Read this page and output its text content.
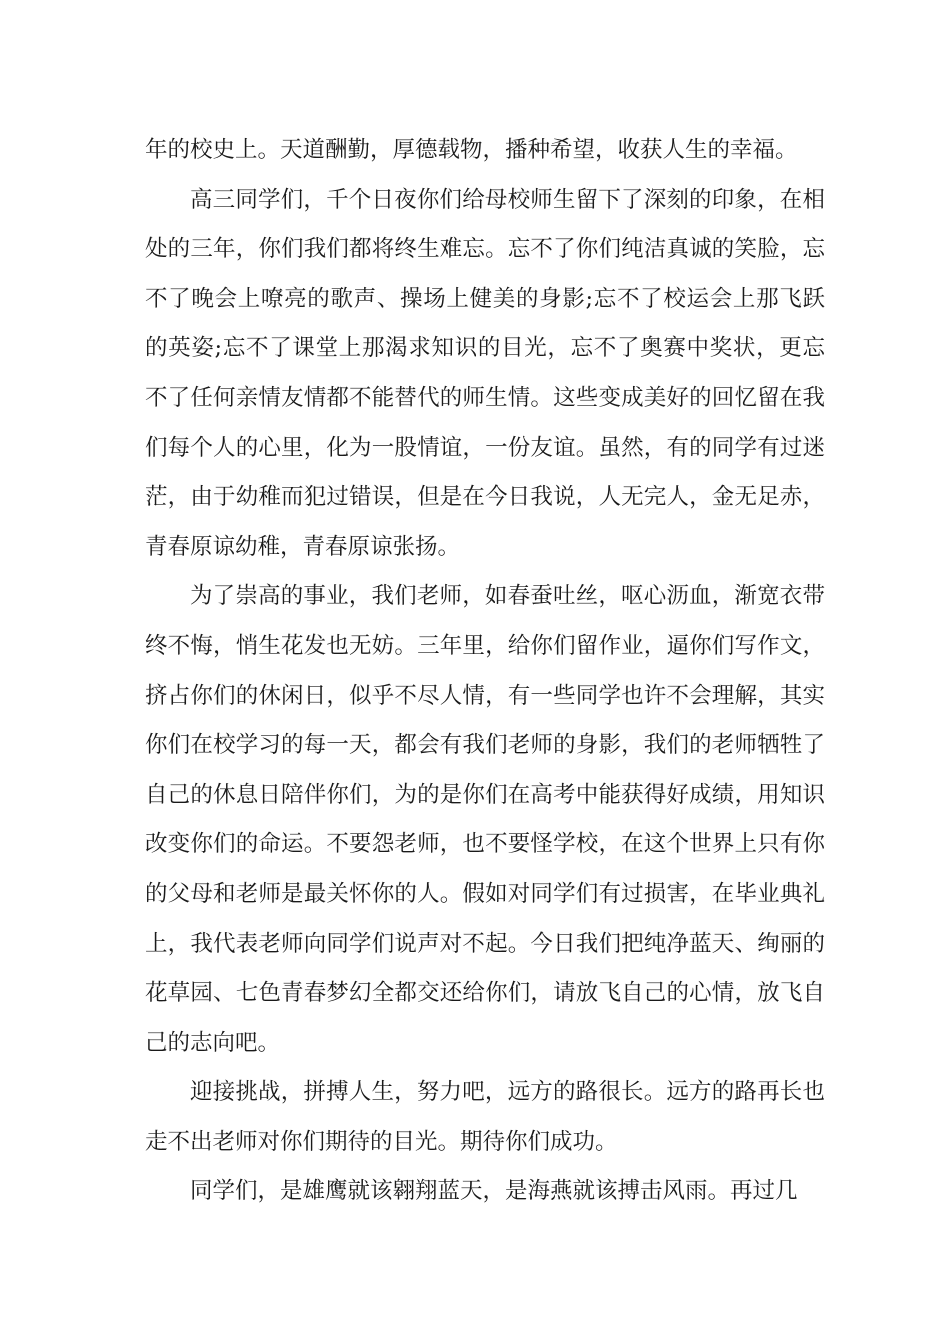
年的校史上。天道酬勤，厚德载物，播种希望，收获人生的幸福。

高三同学们，千个日夜你们给母校师生留下了深刻的印象，在相处的三年，你们我们都将终生难忘。忘不了你们纯洁真诚的笑脸，忘不了晚会上嘹亮的歌声、操场上健美的身影;忘不了校运会上那飞跃的英姿;忘不了课堂上那渴求知识的目光，忘不了奥赛中奖状，更忘不了任何亲情友情都不能替代的师生情。这些变成美好的回忆留在我们每个人的心里，化为一股情谊，一份友谊。虽然，有的同学有过迷茫，由于幼稚而犯过错误，但是在今日我说，人无完人，金无足赤，青春原谅幼稚，青春原谅张扬。

为了崇高的事业，我们老师，如春蚕吐丝，呕心沥血，渐宽衣带终不悔，悄生花发也无妨。三年里，给你们留作业，逼你们写作文，挤占你们的休闲日，似乎不尽人情，有一些同学也许不会理解，其实你们在校学习的每一天，都会有我们老师的身影，我们的老师牺牲了自己的休息日陪伴你们，为的是你们在高考中能获得好成绩，用知识改变你们的命运。不要怨老师，也不要怪学校，在这个世界上只有你的父母和老师是最关怀你的人。假如对同学们有过损害，在毕业典礼上，我代表老师向同学们说声对不起。今日我们把纯净蓝天、绚丽的花草园、七色青春梦幻全都交还给你们，请放飞自己的心情，放飞自己的志向吧。

迎接挑战，拼搏人生，努力吧，远方的路很长。远方的路再长也走不出老师对你们期待的目光。期待你们成功。

同学们，是雄鹰就该翱翔蓝天，是海燕就该搏击风雨。再过几
